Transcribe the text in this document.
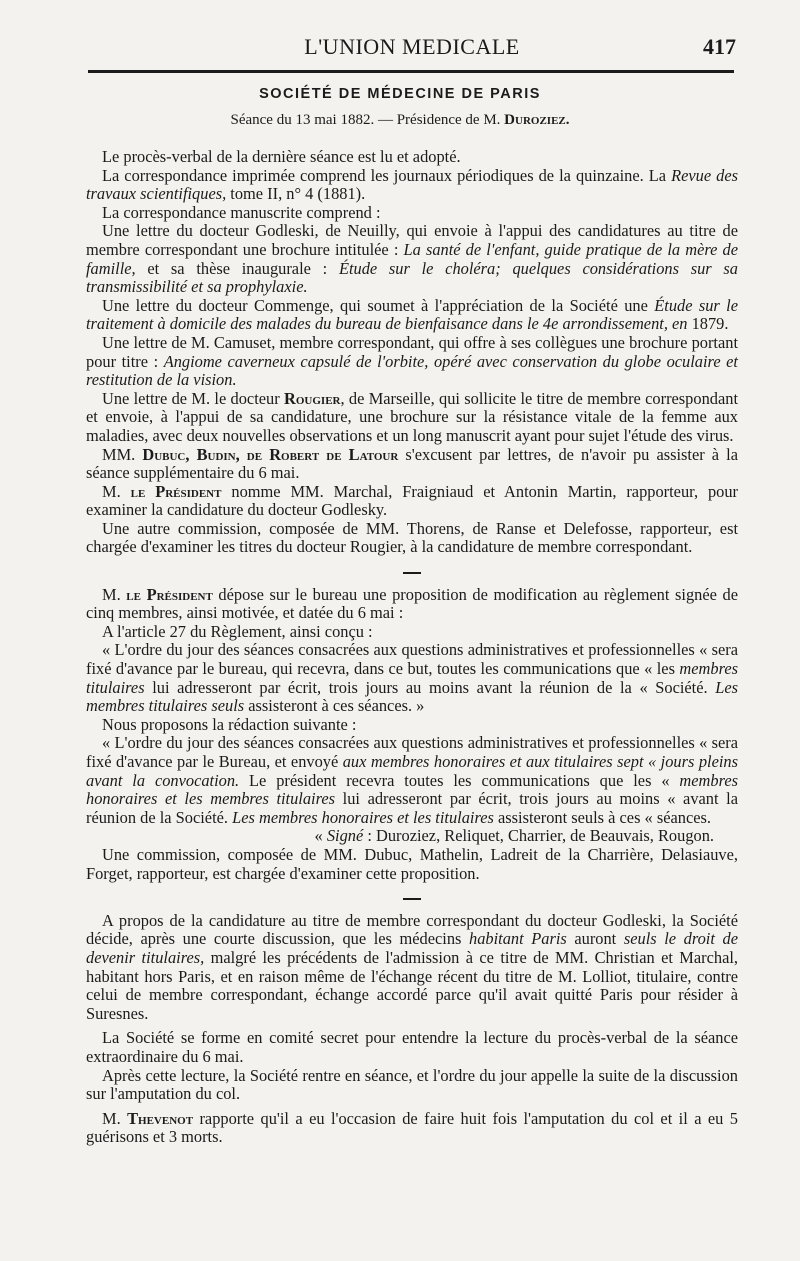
L'UNION MEDICALE	417
SOCIÉTÉ DE MÉDECINE DE PARIS
Séance du 13 mai 1882. — Présidence de M. Duroziez.

Le procès-verbal de la dernière séance est lu et adopté.

La correspondance imprimée comprend les journaux périodiques de la quinzaine. La Revue des travaux scientifiques, tome II, n° 4 (1881).

La correspondance manuscrite comprend :

Une lettre du docteur Godleski, de Neuilly, qui envoie à l'appui des candidatures au titre de membre correspondant une brochure intitulée : La santé de l'enfant, guide pratique de la mère de famille, et sa thèse inaugurale : Étude sur le choléra; quelques considérations sur sa transmissibilité et sa prophylaxie.

Une lettre du docteur Commenge, qui soumet à l'appréciation de la Société une Étude sur le traitement à domicile des malades du bureau de bienfaisance dans le 4e arrondissement, en 1879.

Une lettre de M. Camuset, membre correspondant, qui offre à ses collègues une brochure portant pour titre : Angiome caverneux capsulé de l'orbite, opéré avec conservation du globe oculaire et restitution de la vision.

Une lettre de M. le docteur Rougier, de Marseille, qui sollicite le titre de membre correspondant et envoie, à l'appui de sa candidature, une brochure sur la résistance vitale de la femme aux maladies, avec deux nouvelles observations et un long manuscrit ayant pour sujet l'étude des virus.

MM. Dubuc, Budin, de Robert de Latour s'excusent par lettres, de n'avoir pu assister à la séance supplémentaire du 6 mai.

M. le Président nomme MM. Marchal, Fraigniaud et Antonin Martin, rapporteur, pour examiner la candidature du docteur Godlesky.

Une autre commission, composée de MM. Thorens, de Ranse et Delefosse, rapporteur, est chargée d'examiner les titres du docteur Rougier, à la candidature de membre correspondant.

M. le Président dépose sur le bureau une proposition de modification au règlement signée de cinq membres, ainsi motivée, et datée du 6 mai :

A l'article 27 du Règlement, ainsi conçu :

« L'ordre du jour des séances consacrées aux questions administratives et professionnelles « sera fixé d'avance par le bureau, qui recevra, dans ce but, toutes les communications que « les membres titulaires lui adresseront par écrit, trois jours au moins avant la réunion de la « Société. Les membres titulaires seuls assisteront à ces séances. »

Nous proposons la rédaction suivante :

« L'ordre du jour des séances consacrées aux questions administratives et professionnelles « sera fixé d'avance par le Bureau, et envoyé aux membres honoraires et aux titulaires sept « jours pleins avant la convocation. Le président recevra toutes les communications que les « membres honoraires et les membres titulaires lui adresseront par écrit, trois jours au moins « avant la réunion de la Société. Les membres honoraires et les titulaires assisteront seuls à ces « séances.

« Signé : Duroziez, Reliquet, Charrier, de Beauvais, Rougon.

Une commission, composée de MM. Dubuc, Mathelin, Ladreit de la Charrière, Delasiauve, Forget, rapporteur, est chargée d'examiner cette proposition.

A propos de la candidature au titre de membre correspondant du docteur Godleski, la Société décide, après une courte discussion, que les médecins habitant Paris auront seuls le droit de devenir titulaires, malgré les précédents de l'admission à ce titre de MM. Christian et Marchal, habitant hors Paris, et en raison même de l'échange récent du titre de M. Lolliot, titulaire, contre celui de membre correspondant, échange accordé parce qu'il avait quitté Paris pour résider à Suresnes.

La Société se forme en comité secret pour entendre la lecture du procès-verbal de la séance extraordinaire du 6 mai.

Après cette lecture, la Société rentre en séance, et l'ordre du jour appelle la suite de la discussion sur l'amputation du col.

M. Thevenot rapporte qu'il a eu l'occasion de faire huit fois l'amputation du col et il a eu 5 guérisons et 3 morts.
